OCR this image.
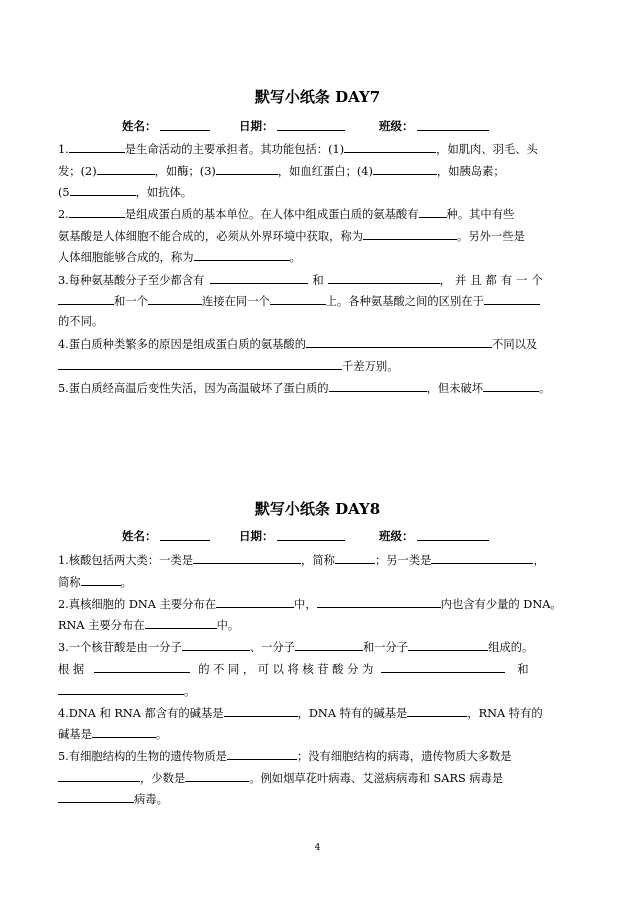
默写小纸条 DAY7
姓名：	日期：	班级：
1.	是生命活动的主要承担者。其功能包括：(1)	，如肌肉、羽毛、头
发；(2)	，如酶；(3)	，如血红蛋白；(4)	，如胰岛素；
(5	，如抗体。
2.	是组成蛋白质的基本单位。在人体中组成蛋白质的氨基酸有 种。其中有些
氨基酸是人体细胞不能合成的，必须从外界环境中获取，称为	。另外一些是
人体细胞能够合成的，称为	。
3.每种氨基酸分子至少都含有	和	，并且都有一个
和一个	连接在同一个	上。各种氨基酸之间的区别在于
的不同。
4.蛋白质种类繁多的原因是组成蛋白质的氨基酸的	不同以及
千差万别。
5.蛋白质经高温后变性失活，因为高温破坏了蛋白质的	，但未破坏	。
默写小纸条 DAY8
姓名：	日期：	班级：
1.核酸包括两大类：一类是	，简称	；另一类是	，
简称	。
2.真核细胞的 DNA 主要分布在	中，	内也含有少量的 DNA。
RNA 主要分布在	中。
3.一个核苷酸是由一分子	、一分子	和一分子	组成的。
根 据	的 不 同 ， 可 以 将 核 苷 酸 分 为	和
。
4.DNA 和 RNA 都含有的碱基是	，DNA 特有的碱基是	，RNA 特有的
碱基是	。
5.有细胞结构的生物的遗传物质是	；没有细胞结构的病毒，遗传物质大多数是
，少数是	。例如烟草花叶病毒、艾滋病病毒和 SARS 病毒是
病毒。
4
